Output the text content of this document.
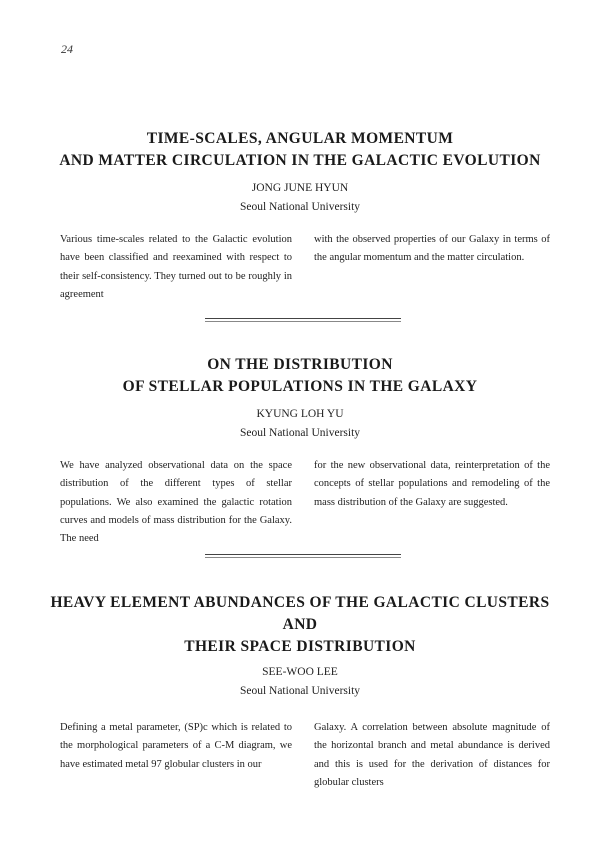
24
TIME-SCALES, ANGULAR MOMENTUM
AND MATTER CIRCULATION IN THE GALACTIC EVOLUTION

JONG JUNE HYUN

Seoul National University

Various time-scales related to the Galactic evolution have been classified and reexamined with respect to their self-consistency. They turned out to be roughly in agreement
with the observed properties of our Galaxy in terms of the angular momentum and the matter circulation.
ON THE DISTRIBUTION
OF STELLAR POPULATIONS IN THE GALAXY

KYUNG LOH YU

Seoul National University

We have analyzed observational data on the space distribution of the different types of stellar populations. We also examined the galactic rotation curves and models of mass distribution for the Galaxy. The need
for the new observational data, reinterpretation of the concepts of stellar populations and remodeling of the mass distribution of the Galaxy are suggested.
HEAVY ELEMENT ABUNDANCES OF THE GALACTIC CLUSTERS
AND
THEIR SPACE DISTRIBUTION

SEE-WOO LEE

Seoul National University

Defining a metal parameter, (SP)c which is related to the morphological parameters of a C-M diagram, we have estimated metal 97 globular clusters in our
Galaxy. A correlation between absolute magnitude of the horizontal branch and metal abundance is derived and this is used for the derivation of distances for globular clusters
